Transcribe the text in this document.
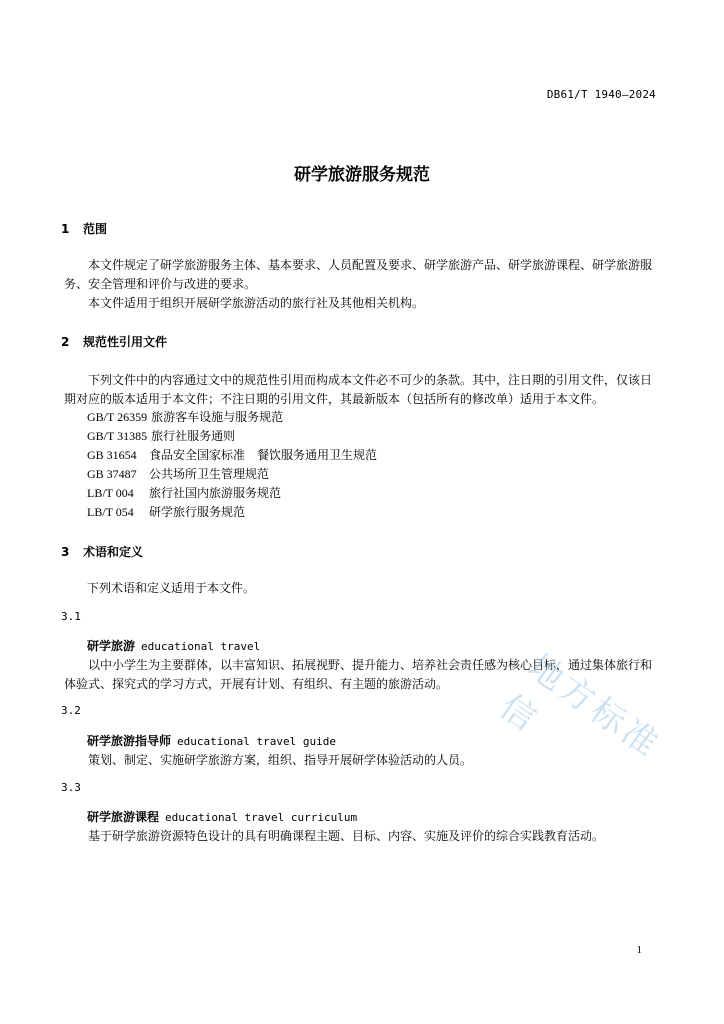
DB61/T 1940—2024
研学旅游服务规范
1 范围
本文件规定了研学旅游服务主体、基本要求、人员配置及要求、研学旅游产品、研学旅游课程、研学旅游服务、安全管理和评价与改进的要求。
本文件适用于组织开展研学旅游活动的旅行社及其他相关机构。
2 规范性引用文件
下列文件中的内容通过文中的规范性引用而构成本文件必不可少的条款。其中，注日期的引用文件，仅该日期对应的版本适用于本文件；不注日期的引用文件，其最新版本（包括所有的修改单）适用于本文件。
GB/T 26359 旅游客车设施与服务规范
GB/T 31385 旅行社服务通则
GB 31654 食品安全国家标准　餐饮服务通用卫生规范
GB 37487 公共场所卫生管理规范
LB/T 004 旅行社国内旅游服务规范
LB/T 054 研学旅行服务规范
3 术语和定义
下列术语和定义适用于本文件。
3.1
研学旅游 educational travel
以中小学生为主要群体，以丰富知识、拓展视野、提升能力、培养社会责任感为核心目标，通过集体旅行和体验式、探究式的学习方式，开展有计划、有组织、有主题的旅游活动。
3.2
研学旅游指导师 educational travel guide
策划、制定、实施研学旅游方案，组织、指导开展研学体验活动的人员。
3.3
研学旅游课程 educational travel curriculum
基于研学旅游资源特色设计的具有明确课程主题、目标、内容、实施及评价的综合实践教育活动。
地方标准信
1
